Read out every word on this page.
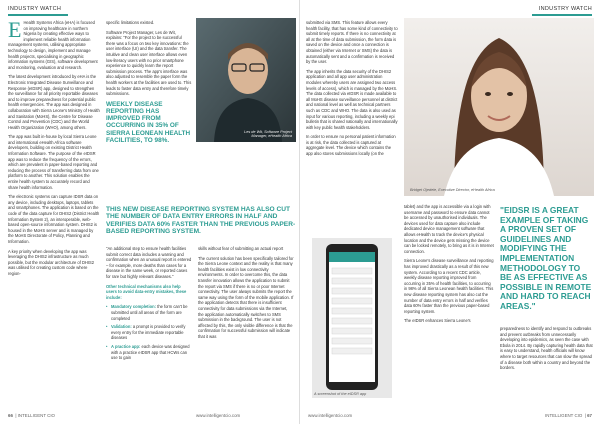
INDUSTRY WATCH

E Health Systems Africa (eHA) is focused on improving healthcare in northern Nigeria by creating effective ways to implement reliable health information management systems, utilising appropriate technology to design, implement and manage health projects, specialising in geographic information systems (GIS), software development and monitoring, evaluation and research.

The latest development introduced by eHA is the Electronic Integrated Disease Surveillance and Response (eIDSR) app, designed to strengthen the surveillance for all priority reportable diseases and to improve preparedness for potential public health emergencies. The app was designed in collaboration with Sierra Leone's Ministry of Health and Sanitation (MoHS), the Centre for Disease Control and Prevention (CDC) and the World Health Organization (WHO), among others.

The app was built in-house by local Sierra Leone and international eHealth Africa software developers, building on existing District Health Information Software. The purpose of the eIDSR app was to reduce the frequency of the errors, which are prevalent in paper-based reporting and reducing the process of transferring data from one platform to another. This solution enables the entire health system to accurately record and share health information.

The electronic systems can capture IDSR data on any device, including desktops, laptops, tablets and smartphones. The application is based on the code of the data capture for DHIS2 (District Health Information System 2), an interoperable, web-based open-source information system. DHIS2 is housed in the MoHS server and is managed by the MoHS Directorate of Policy, Planning and Information.

A key priority when developing the app was leveraging the DHIS2 infrastructure as much possible, but the modular architecture of DHIS2 was utilised for creating custom code where region-

specific limitations existed.

Software Project Manager, Les de Wit, explains: "For the project to be successful there was a focus on two key innovations: the user interface (UI) and the data transfer. The intuitive and clean user interface allows even low-literacy users with no prior smartphone experience to quickly learn the report submission process. The app's interface was also adjusted to resemble the paper form the health workers at the facilities are used to. This leads to faster data entry and therefore timely submissions.

WEEKLY DISEASE REPORTING HAS IMPROVED FROM OCCURRING IN 35% OF SIERRA LEONEAN HEALTH FACILITIES, TO 98%.

Les de Wit, Software Project Manager, eHealth Africa
THIS NEW DISEASE REPORTING SYSTEM HAS ALSO CUT THE NUMBER OF DATA ENTRY ERRORS IN HALF AND VERIFIES DATA 60% FASTER THAN THE PREVIOUS PAPER-BASED REPORTING SYSTEM.

"An additional step to ensure health facilities submit correct data includes a warning and confirmation when an unusual report is entered – for example, more deaths than cases for a disease in the same week, or reported cases for rare but highly relevant diseases."

Other technical mechanisms also help users to avoid data-entry mistakes, these include:

• Mandatory completion: the form can't be submitted until all areas of the form are completed
• Validation: a prompt is provided to verify every entry for the immediate reportable diseases
• A practice app: each device was designed with a practice eIDSR app that HCWs can use to gain

skills without fear of submitting an actual report

The current solution has been specifically tailored for the Sierra Leone context and the reality is that many health facilities exist in low connectivity environments. In order to overcome this, the data transfer innovation allows the application to submit the report via SMS if there is no or poor Internet connectivity. The user always submits the report the same way using the form of the mobile application. If the application detects that there is insufficient connectivity for data submissions via the Internet, the application automatically switches to SMS submission in the background. The user is not affected by this, the only visible difference is that the confirmation for successful submission will indicate that it was

66  | INTELLIGENT CIO	www.intelligentcio.com
INDUSTRY WATCH

submitted via SMS. This feature allows every health facility, that has some kind of connectivity to submit timely reports. If there is no connectivity at all at the time of data submission, the form data is saved on the device and once a connection is obtained (either via Internet or SMS) the data is automatically sent and a confirmation is received by the user.

The app inherits the data security of the DHIS2 application and all app user administration modules whereby users are assigned two access levels of access), which is managed by the MoHS. The data collected via eIDSR is made available to all MoHS disease surveillance personnel at district and national level as well as technical partners such as CDC and WHO. The data is also used as input for various reporting, including a weekly epi bulletin that is shared nationally and internationally with key public health stakeholders.

In order to ensure no personal patient information is at risk, the data collected is captured at aggregate level. The device which contains the app also stores submissions locally (on the

A screenshot of the eIDSR app
Bridget Ojedele, Executive Director, eHealth Africa

tablet) and the app is accessible via a login with username and password to ensure data cannot be accessed by unauthorised individuals. The devices used for data capture also include dedicated device management software that allows eHealth to track the device's physical location and the device gets missing the device can be locked remotely, to bring as it is in Internet connection.

Sierra Leone's disease surveillance and reporting has improved drastically as a result of this new system. According to a recent CDC article, weekly disease reporting improved from occurring in 35% of health facilities, to occurring in 98% of all Sierra Leonean health facilities. This new disease reporting system has also cut the number of data entry errors in half and verifies data 60% faster than the previous paper-based reporting system.

The eIDSR enhances Sierra Leone's

"EIDSR IS A GREAT EXAMPLE OF TAKING A PROVEN SET OF GUIDELINES AND MODIFYING THE IMPLEMENTATION METHODOLOGY TO BE AS EFFECTIVE AS POSSIBLE IN REMOTE AND HARD TO REACH AREAS."

preparedness to identify and respond to outbreaks and prevent outbreaks from unnecessarily developing into epidemics, as seen the case with Ebola in 2014. By rapidly capturing health data that is easy to understand, health officials will know where to target resources that can slow the spread of a disease both within a country and beyond the borders.

www.intelligentcio.com	INTELLIGENT CIO  | 67
